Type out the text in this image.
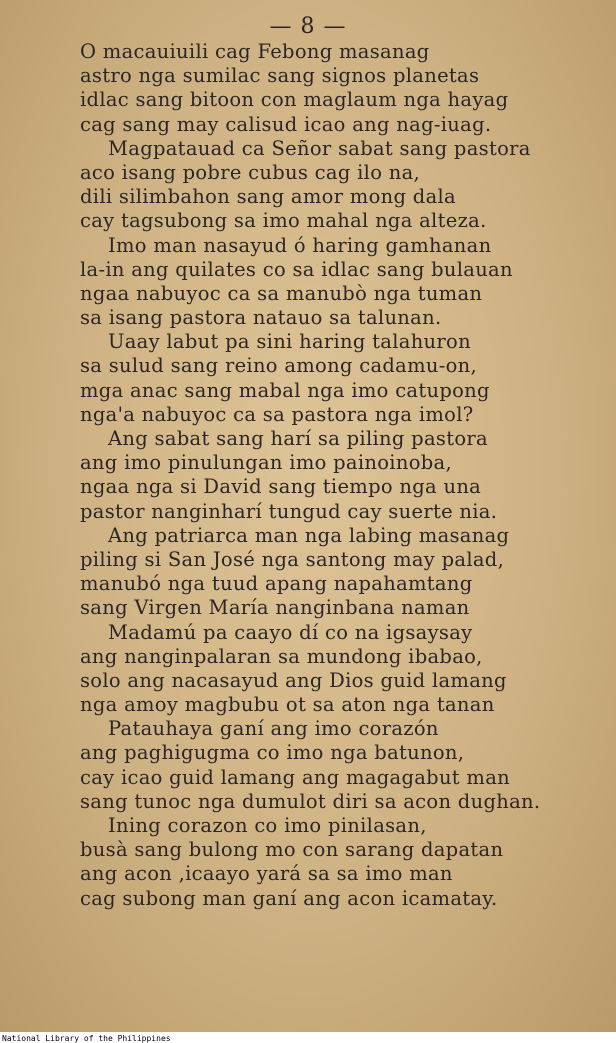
— 8 —
O macauiuili cag Febong masanag
astro nga sumilac sang signos planetas
idlac sang bitoon con maglaum nga hayag
cag sang may calisud icao ang nag-iuag.
Magpatauad ca Señor sabat sang pastora
aco isang pobre cubus cag ilo na,
dili silimbahon sang amor mong dala
cay tagsubong sa imo mahal nga alteza.
Imo man nasayud ó haring gamhanan
la-in ang quilates co sa idlac sang bulauan
ngaa nabuyoc ca sa manubò nga tuman
sa isang pastora natauo sa talunan.
Uaay labut pa sini haring talahuron
sa sulud sang reino among cadamu-on,
mga anac sang mabal nga imo catupong
nga'a nabuyoc ca sa pastora nga imol?
Ang sabat sang harí sa piling pastora
ang imo pinulungan imo painoinoba,
ngaa nga si David sang tiempo nga una
pastor nanginharí tungud cay suerte nia.
Ang patriarca man nga labing masanag
piling si San José nga santong may palad,
manubó nga tuud apang napahamtang
sang Virgen María nanginbana naman
Madamú pa caayo dí co na igsaysay
ang nanginpalaran sa mundong ibabao,
solo ang nacasayud ang Dios guid lamang
nga amoy magbubu ot sa aton nga tanan
Patauhaya ganí ang imo corazón
ang paghigugma co imo nga batunon,
cay icao guid lamang ang magagabut man
sang tunoc nga dumulot diri sa acon dughan.
Ining corazon co imo pinilasan,
busà sang bulong mo con sarang dapatan
ang acon ,icaayo yará sa sa imo man
cag subong man ganí ang acon icamatay.
National Library of the Philippines
